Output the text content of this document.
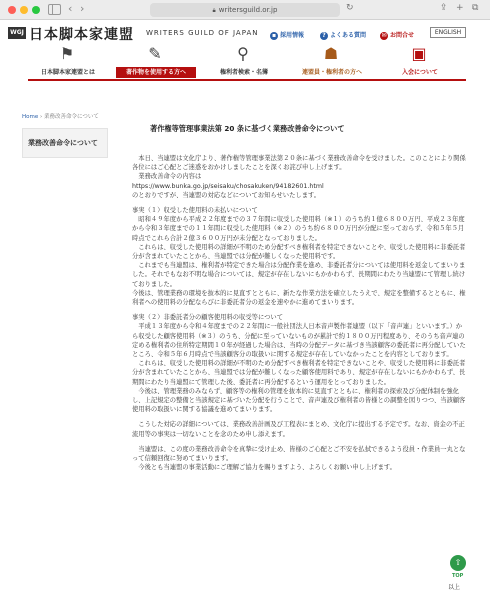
‹ ›	🔒︎ writersguild.or.jp	↻	⇪ + ⧉
WGJ 日本脚本家連盟 WRITERS GUILD OF JAPAN	▪ 採用情報	? よくある質問	✉ お問合せ	ENGLISH
⚑
日本脚本家連盟とは
✎
著作物を使用する方へ
⚲
権利者検索・名簿
☗
連盟員・権利者の方へ
▣
入会について
Home › 業務改善命令について
業務改善命令について
著作権等管理事業法第 20 条に基づく業務改善命令について

　本日、当連盟は文化庁より、著作権等管理事業法第２０条に基づく業務改善命令を受けました。このことにより関係各位にはご心配とご迷惑をおかけしましたことを深くお詫び申し上げます。

　業務改善命令の内容は

https://www.bunka.go.jp/seisaku/chosakuken/94182601.html

のとおりですが、当連盟の対応などについてお知らせいたします。

事実（１）収受した使用料の未払いについて

　昭和４９年度から平成２２年度までの３７年間に収受した使用料（※１）のうち約１億６８００万円、平成２３年度から令和３年度までの１１年間に収受した使用料（※２）のうち約６８００万円が分配に至っておらず、令和５年５月時点でこれら合計２億３６００万円が未分配となっておりました。

　これらは、収受した使用料の詳細が不明のため分配すべき権利者を特定できないことや、収受した使用料に非委託者分が含まれていたことから、当連盟では分配が難しくなった使用料です。

　これまでも当連盟は、権利者が特定できた場合は分配作業を進め、非委託者分については使用料を返金してまいりました。それでもなお不明な場合については、規定が存在しないにもかかわらず、長期間にわたり当連盟にて管理し続けておりました。

今後は、管理業務の環境を抜本的に見直すとともに、新たな作業方法を確立したうえで、規定を整備するとともに、権利者への使用料の分配ならびに非委託者分の返金を速やかに進めてまいります。

事実（２）非委託者分の顧客使用料の収受等について

　平成１３年度から令和４年度までの２２年間に一般社団法人日本音声製作者連盟（以下「音声連」といいます。）から収受した顧客使用料（※３）のうち、分配に至っていないものが累計で約１８００万円程度あり、そのうち音声連の定める権利者の住所特定期間１０年が経過した場合は、当時の分配データに基づき当該顧客の委託者に再分配していたところ、令和５年６月時点で当該顧客分の取扱いに関する規定が存在していなかったことを内容としております。

　これらは、収受した使用料の詳細が不明のため分配すべき権利者を特定できないことや、収受した使用料に非委託者分が含まれていたことから、当連盟では分配が難しくなった顧客使用料であり、規定が存在しないにもかかわらず、長期間にわたり当連盟にて管理した後、委託者に再分配するという運用をとっておりました。

　今後は、管理業務のみならず、顧客等の権利の管理を抜本的に見直すとともに、権利者の探索及び分配体制を強化し、上記規定の整備と当該規定に基づいた分配を行うことで、音声連及び権利者の皆様との調整を図りつつ、当該顧客使用料の取扱いに関する協議を進めてまいります。

　こうした対応の詳細については、業務改善計画及び工程表にまとめ、文化庁に提出する予定です。なお、資金の不正流用等の事実は一切ないことを念のため申し添えます。

　当連盟は、この度の業務改善命令を真摯に受け止め、皆様のご心配とご不安を払拭できるよう役員・作業員一丸となって信頼回復に努めてまいります。

　今後とも当連盟の事業活動にご理解ご協力を賜りますよう、よろしくお願い申し上げます。

⇧
TOP
以上
